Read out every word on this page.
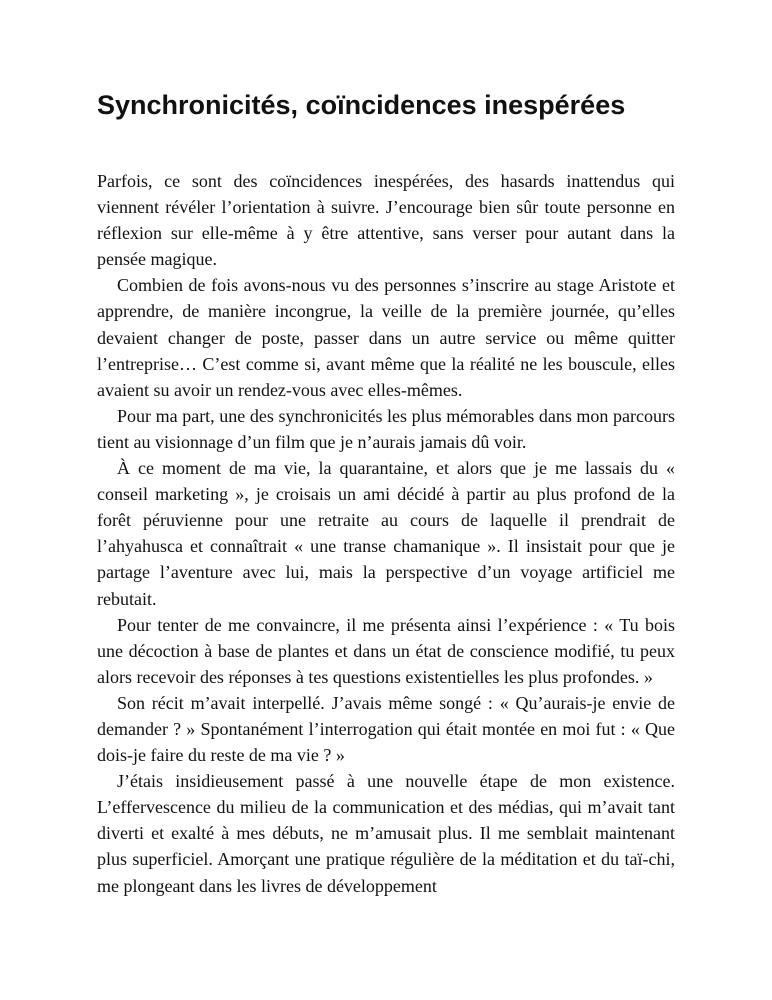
Synchronicités, coïncidences inespérées

Parfois, ce sont des coïncidences inespérées, des hasards inattendus qui viennent révéler l’orientation à suivre. J’encourage bien sûr toute personne en réflexion sur elle-même à y être attentive, sans verser pour autant dans la pensée magique.

Combien de fois avons-nous vu des personnes s’inscrire au stage Aristote et apprendre, de manière incongrue, la veille de la première journée, qu’elles devaient changer de poste, passer dans un autre service ou même quitter l’entreprise… C’est comme si, avant même que la réalité ne les bouscule, elles avaient su avoir un rendez-vous avec elles-mêmes.

Pour ma part, une des synchronicités les plus mémorables dans mon parcours tient au visionnage d’un film que je n’aurais jamais dû voir.

À ce moment de ma vie, la quarantaine, et alors que je me lassais du « conseil marketing », je croisais un ami décidé à partir au plus profond de la forêt péruvienne pour une retraite au cours de laquelle il prendrait de l’ahyahusca et connaîtrait « une transe chamanique ». Il insistait pour que je partage l’aventure avec lui, mais la perspective d’un voyage artificiel me rebutait.

Pour tenter de me convaincre, il me présenta ainsi l’expérience : « Tu bois une décoction à base de plantes et dans un état de conscience modifié, tu peux alors recevoir des réponses à tes questions existentielles les plus profondes. »

Son récit m’avait interpellé. J’avais même songé : « Qu’aurais-je envie de demander ? » Spontanément l’interrogation qui était montée en moi fut : « Que dois-je faire du reste de ma vie ? »

J’étais insidieusement passé à une nouvelle étape de mon existence. L’effervescence du milieu de la communication et des médias, qui m’avait tant diverti et exalté à mes débuts, ne m’amusait plus. Il me semblait maintenant plus superficiel. Amorçant une pratique régulière de la méditation et du taï-chi, me plongeant dans les livres de développement
